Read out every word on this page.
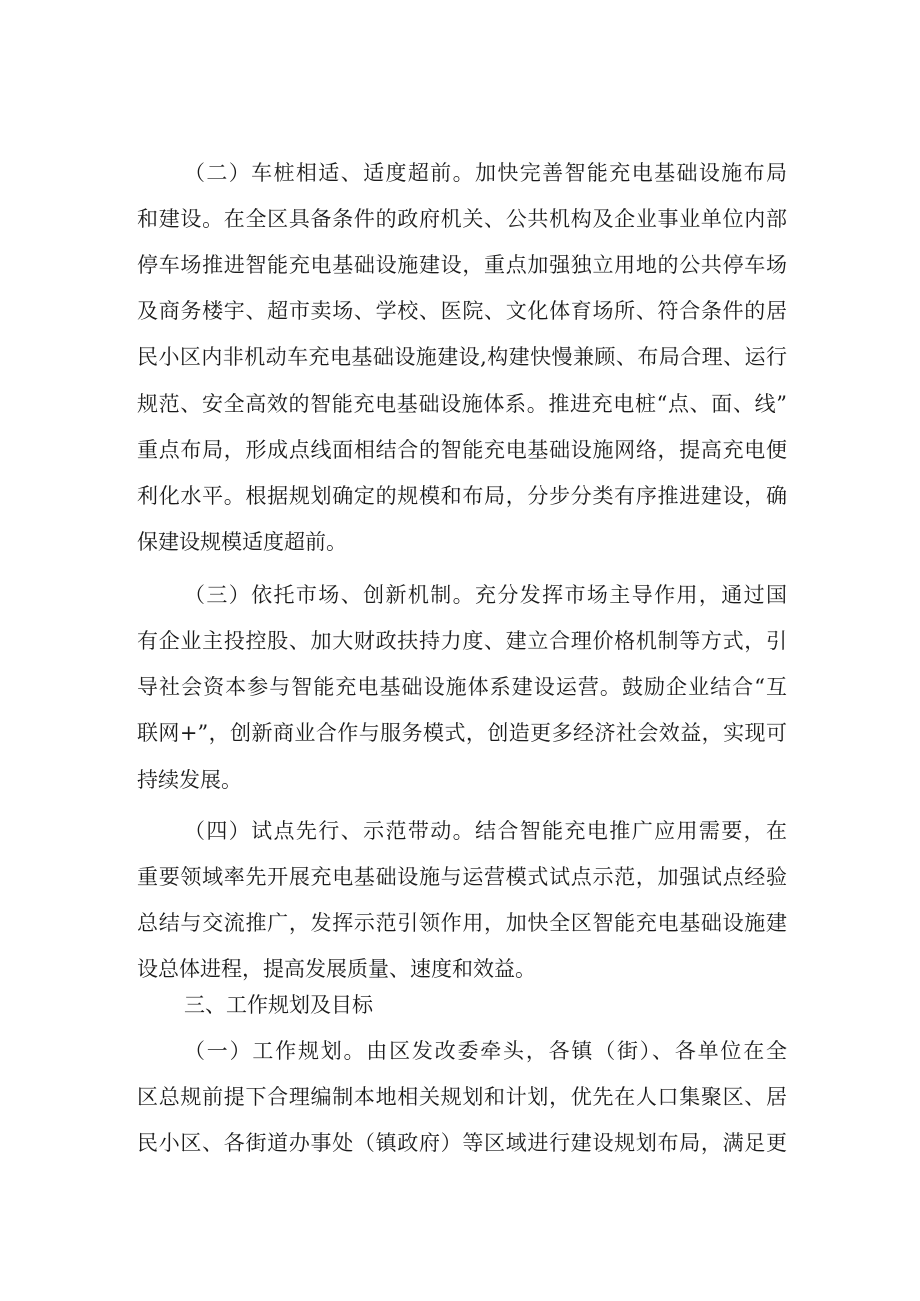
（二）车桩相适、适度超前。加快完善智能充电基础设施布局
和建设。在全区具备条件的政府机关、公共机构及企业事业单位内部
停车场推进智能充电基础设施建设，重点加强独立用地的公共停车场
及商务楼宇、超市卖场、学校、医院、文化体育场所、符合条件的居
民小区内非机动车充电基础设施建设,构建快慢兼顾、布局合理、运行
规范、安全高效的智能充电基础设施体系。推进充电桩“点、面、线”
重点布局，形成点线面相结合的智能充电基础设施网络，提高充电便
利化水平。根据规划确定的规模和布局，分步分类有序推进建设，确
保建设规模适度超前。
（三）依托市场、创新机制。充分发挥市场主导作用，通过国
有企业主投控股、加大财政扶持力度、建立合理价格机制等方式，引
导社会资本参与智能充电基础设施体系建设运营。鼓励企业结合“互
联网+”，创新商业合作与服务模式，创造更多经济社会效益，实现可
持续发展。
（四）试点先行、示范带动。结合智能充电推广应用需要，在
重要领域率先开展充电基础设施与运营模式试点示范，加强试点经验
总结与交流推广，发挥示范引领作用，加快全区智能充电基础设施建
设总体进程，提高发展质量、速度和效益。
三、工作规划及目标
（一）工作规划。由区发改委牵头，各镇（街）、各单位在全
区总规前提下合理编制本地相关规划和计划，优先在人口集聚区、居
民小区、各街道办事处（镇政府）等区域进行建设规划布局，满足更
